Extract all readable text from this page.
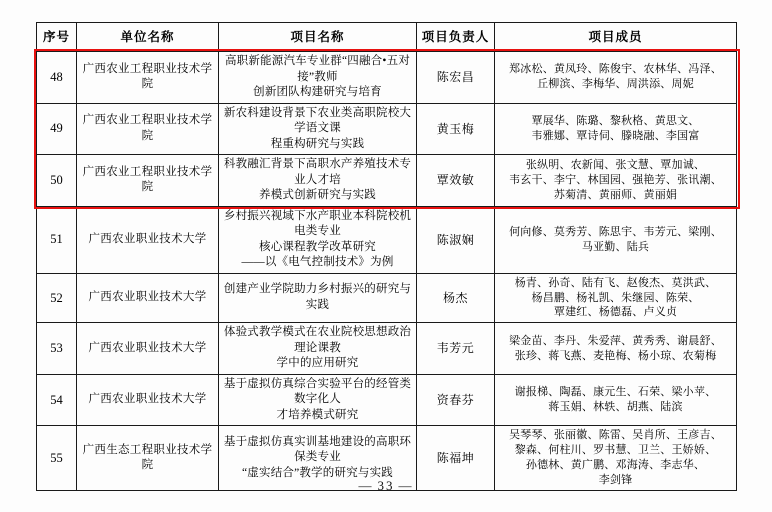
序号	单位名称	项目名称	项目负责人	项目成员
48	广西农业工程职业技术学院	高职新能源汽车专业群“四融合•五对接”教师
创新团队构建研究与培育	陈宏昌	郑冰松、黄凤玲、陈俊宇、农林华、冯泽、
丘柳滨、李梅华、周洪添、周妮

49	广西农业工程职业技术学院	新农科建设背景下农业类高职院校大学语文课
程重构研究与实践	黄玉梅	覃展华、陈璐、黎秋格、黄思文、
韦雅娜、覃诗伺、滕晓融、李国富

50	广西农业工程职业技术学院	科教融汇背景下高职水产养殖技术专业人才培
养模式创新研究与实践	覃效敏	张纵明、农新闻、张文慧、覃加诚、
韦玄干、李宁、林国园、强艳芳、张讯潮、
苏菊清、黄丽师、黄丽娟

51	广西农业职业技术大学	乡村振兴视域下水产职业本科院校机电类专业
核心课程教学改革研究
——以《电气控制技术》为例	陈淑娴	何向修、莫秀芳、陈思宇、韦芳元、梁刚、
马亚勤、陆兵

52	广西农业职业技术大学	创建产业学院助力乡村振兴的研究与实践	杨杰	杨青、孙奇、陆有飞、赵俊杰、莫洪武、
杨昌鹏、杨礼凯、朱继园、陈荣、
覃建红、杨德磊、卢义贞

53	广西农业职业技术大学	体验式教学模式在农业院校思想政治理论课教
学中的应用研究	韦芳元	梁金苗、李丹、朱爱萍、黄秀秀、谢晨舒、
张珍、蒋飞燕、麦艳梅、杨小琼、农菊梅

54	广西农业职业技术大学	基于虚拟仿真综合实验平台的经管类数字化人
才培养模式研究	资春芬	谢报梯、陶磊、康元生、石荣、梁小苹、
蒋玉娟、林轶、胡燕、陆滨

55	广西生态工程职业技术学院	基于虚拟仿真实训基地建设的高职环保类专业
“虚实结合”教学的研究与实践	陈福坤	吴琴琴、张丽徽、陈雷、吴肖所、王彦吉、
黎森、何柱川、罗书慧、卫兰、王娇娇、
孙德林、黄广鹏、邓海涛、李志华、
李剑锋
— 33 —
